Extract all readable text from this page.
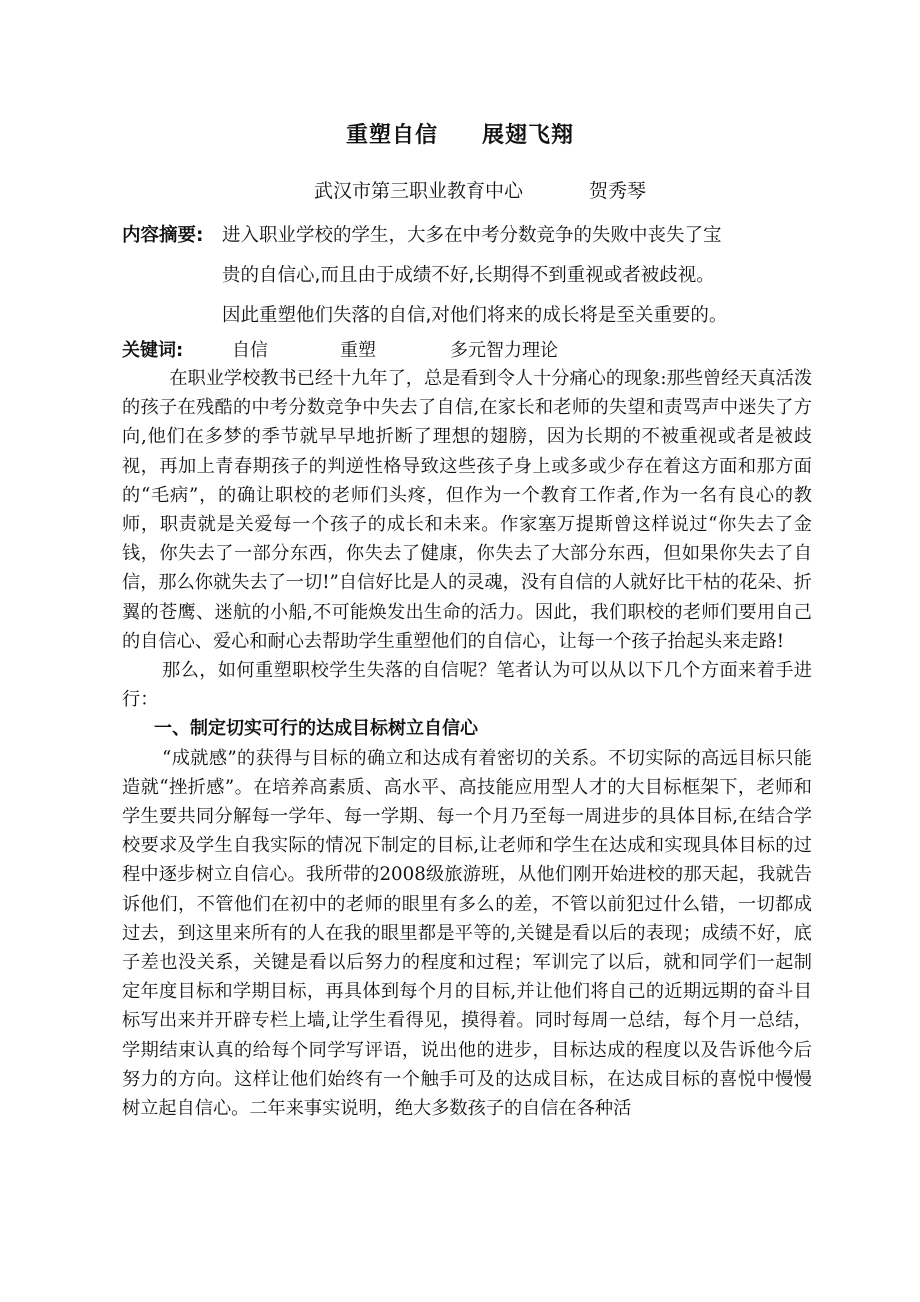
重塑自信 展翅飞翔
武汉市第三职业教育中心	贺秀琴
内容摘要: 进入职业学校的学生，大多在中考分数竞争的失败中丧失了宝
贵的自信心,而且由于成绩不好,长期得不到重视或者被歧视。
因此重塑他们失落的自信,对他们将来的成长将是至关重要的。
关键词:	自信	重塑	多元智力理论

在职业学校教书已经十九年了，总是看到令人十分痛心的现象:那些曾经天真活泼的孩子在残酷的中考分数竞争中失去了自信,在家长和老师的失望和责骂声中迷失了方向,他们在多梦的季节就早早地折断了理想的翅膀，因为长期的不被重视或者是被歧视，再加上青春期孩子的判逆性格导致这些孩子身上或多或少存在着这方面和那方面的“毛病”，的确让职校的老师们头疼，但作为一个教育工作者,作为一名有良心的教师，职责就是关爱每一个孩子的成长和未来。作家塞万提斯曾这样说过“你失去了金钱，你失去了一部分东西，你失去了健康，你失去了大部分东西，但如果你失去了自信，那么你就失去了一切!”自信好比是人的灵魂，没有自信的人就好比干枯的花朵、折翼的苍鹰、迷航的小船,不可能焕发出生命的活力。因此，我们职校的老师们要用自己的自信心、爱心和耐心去帮助学生重塑他们的自信心，让每一个孩子抬起头来走路!

那么，如何重塑职校学生失落的自信呢？笔者认为可以从以下几个方面来着手进行：

一、制定切实可行的达成目标树立自信心

“成就感”的获得与目标的确立和达成有着密切的关系。不切实际的高远目标只能造就“挫折感”。在培养高素质、高水平、高技能应用型人才的大目标框架下，老师和学生要共同分解每一学年、每一学期、每一个月乃至每一周进步的具体目标,在结合学校要求及学生自我实际的情况下制定的目标,让老师和学生在达成和实现具体目标的过程中逐步树立自信心。我所带的2008级旅游班，从他们刚开始进校的那天起，我就告诉他们，不管他们在初中的老师的眼里有多么的差，不管以前犯过什么错，一切都成过去，到这里来所有的人在我的眼里都是平等的,关键是看以后的表现；成绩不好，底子差也没关系，关键是看以后努力的程度和过程；军训完了以后，就和同学们一起制定年度目标和学期目标，再具体到每个月的目标,并让他们将自己的近期远期的奋斗目标写出来并开辟专栏上墙,让学生看得见，摸得着。同时每周一总结，每个月一总结，学期结束认真的给每个同学写评语，说出他的进步，目标达成的程度以及告诉他今后努力的方向。这样让他们始终有一个触手可及的达成目标，在达成目标的喜悦中慢慢树立起自信心。二年来事实说明，绝大多数孩子的自信在各种活
